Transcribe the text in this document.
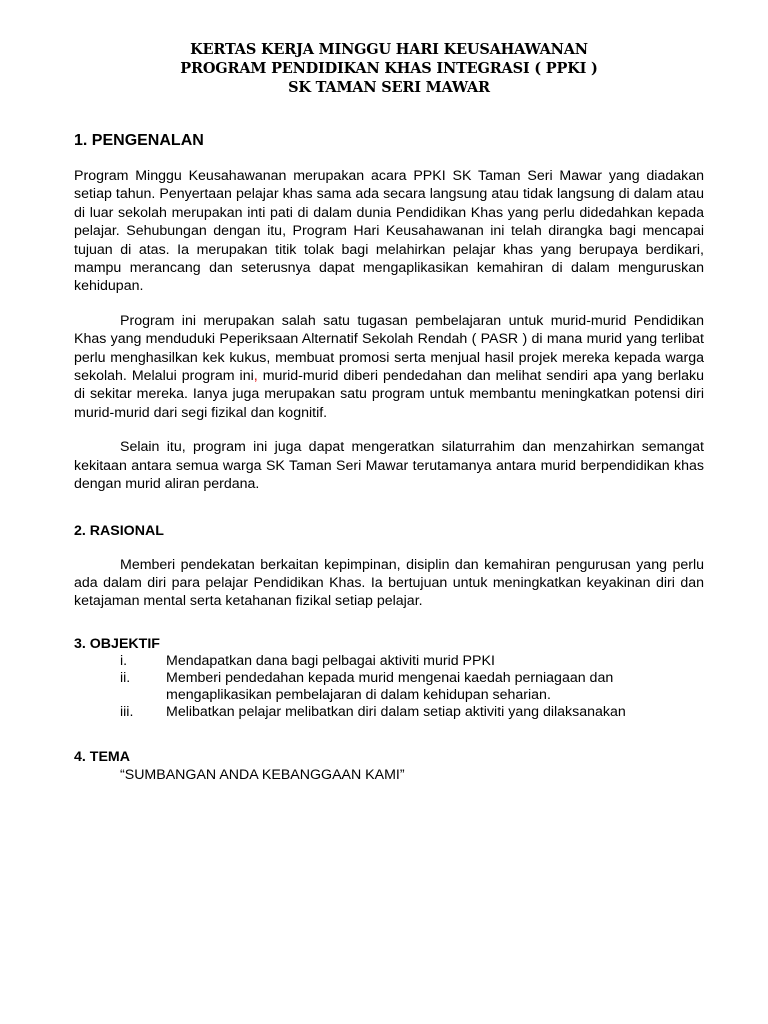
KERTAS KERJA MINGGU HARI KEUSAHAWANAN
PROGRAM PENDIDIKAN KHAS INTEGRASI ( PPKI )
SK TAMAN SERI MAWAR

1. PENGENALAN

Program Minggu Keusahawanan merupakan acara PPKI SK Taman Seri Mawar yang diadakan setiap tahun. Penyertaan pelajar khas sama ada secara langsung atau tidak langsung di dalam atau di luar sekolah merupakan inti pati di dalam dunia Pendidikan Khas yang perlu didedahkan kepada pelajar. Sehubungan dengan itu, Program Hari Keusahawanan ini telah dirangka bagi mencapai tujuan di atas. Ia merupakan titik tolak bagi melahirkan pelajar khas yang berupaya berdikari, mampu merancang dan seterusnya dapat mengaplikasikan kemahiran di dalam menguruskan kehidupan.

Program ini merupakan salah satu tugasan pembelajaran untuk murid-murid Pendidikan Khas yang menduduki Peperiksaan Alternatif Sekolah Rendah ( PASR ) di mana murid yang terlibat perlu menghasilkan kek kukus, membuat promosi serta menjual hasil projek mereka kepada warga sekolah. Melalui program ini, murid-murid diberi pendedahan dan melihat sendiri apa yang berlaku di sekitar mereka. Ianya juga merupakan satu program untuk membantu meningkatkan potensi diri murid-murid dari segi fizikal dan kognitif.

Selain itu, program ini juga dapat mengeratkan silaturrahim dan menzahirkan semangat kekitaan antara semua warga SK Taman Seri Mawar terutamanya antara murid berpendidikan khas dengan murid aliran perdana.

2. RASIONAL

Memberi pendekatan berkaitan kepimpinan, disiplin dan kemahiran pengurusan yang perlu ada dalam diri para pelajar Pendidikan Khas. Ia bertujuan untuk meningkatkan keyakinan diri dan ketajaman mental serta ketahanan fizikal setiap pelajar.

3. OBJEKTIF

i.	Mendapatkan dana bagi pelbagai aktiviti murid PPKI
ii.	Memberi pendedahan kepada murid mengenai kaedah perniagaan dan mengaplikasikan pembelajaran di dalam kehidupan seharian.
iii.	Melibatkan pelajar melibatkan diri dalam setiap aktiviti yang dilaksanakan

4. TEMA

“SUMBANGAN ANDA KEBANGGAAN KAMI”
